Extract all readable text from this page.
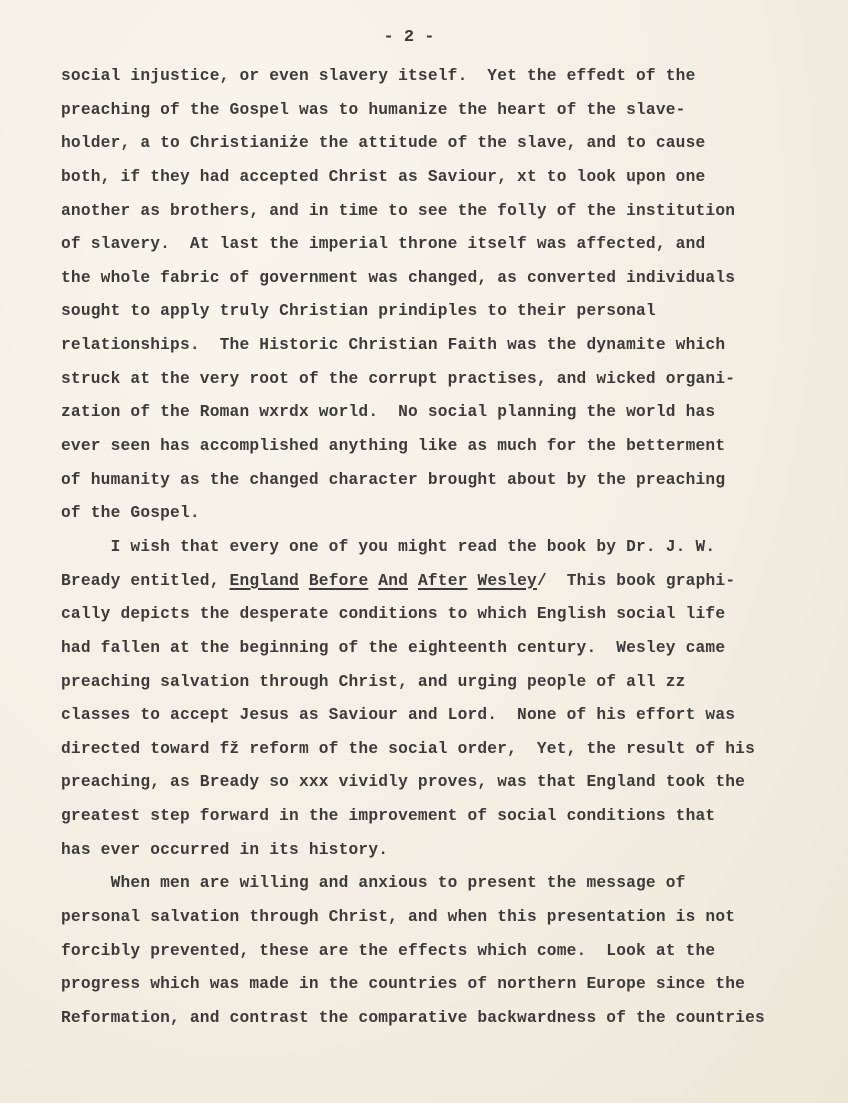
- 2 -
social injustice, or even slavery itself.  Yet the effedt of the
preaching of the Gospel was to humanize the heart of the slave-
holder, a to Christianiże the attitude of the slave, and to cause
both, if they had accepted Christ as Saviour, xt to look upon one
another as brothers, and in time to see the folly of the institution
of slavery.  At last the imperial throne itself was affected, and
the whole fabric of government was changed, as converted individuals
sought to apply truly Christian prindiples to their personal
relationships.  The Historic Christian Faith was the dynamite which
struck at the very root of the corrupt practises, and wicked organi-
zation of the Roman wxrdx world.  No social planning the world has
ever seen has accomplished anything like as much for the betterment
of humanity as the changed character brought about by the preaching
of the Gospel.
I wish that every one of you might read the book by Dr. J. W.
Bready entitled, England Before And After Wesley/  This book graphi-
cally depicts the desperate conditions to which English social life
had fallen at the beginning of the eighteenth century.  Wesley came
preaching salvation through Christ, and urging people of all zz
classes to accept Jesus as Saviour and Lord.  None of his effort was
directed toward fž reform of the social order,  Yet, the result of his
preaching, as Bready so xxx vividly proves, was that England took the
greatest step forward in the improvement of social conditions that
has ever occurred in its history.
When men are willing and anxious to present the message of
personal salvation through Christ, and when this presentation is not
forcibly prevented, these are the effects which come.  Look at the
progress which was made in the countries of northern Europe since the
Reformation, and contrast the comparative backwardness of the countries
